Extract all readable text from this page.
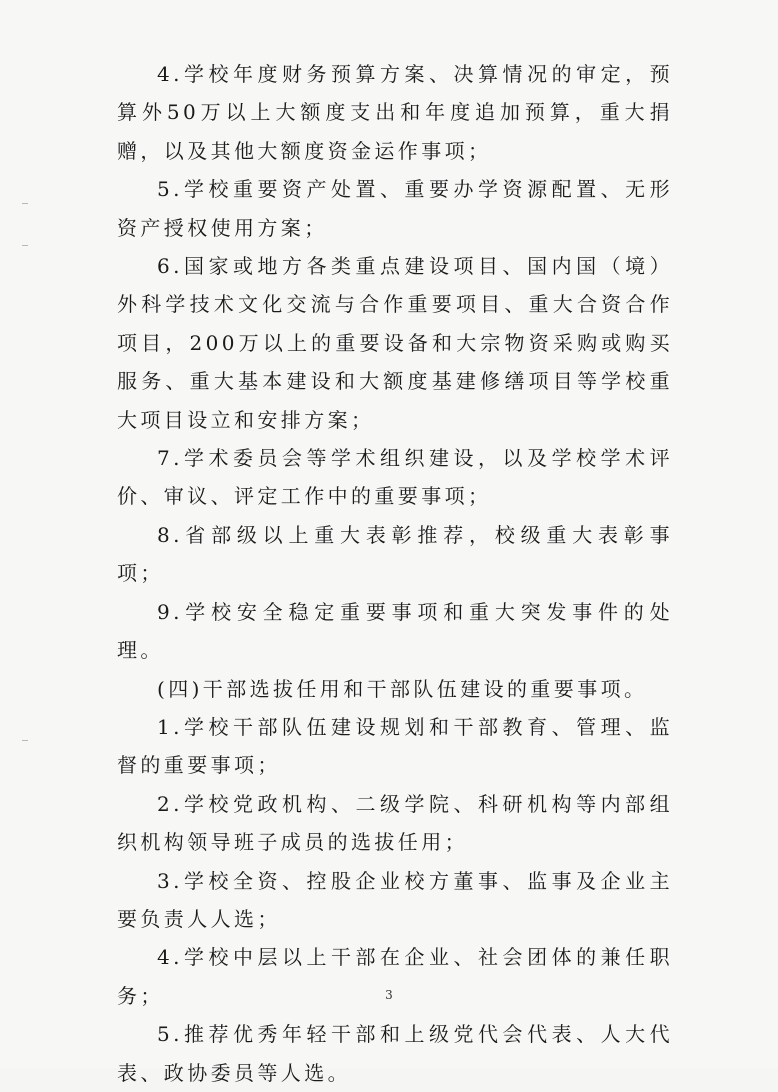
4.学校年度财务预算方案、决算情况的审定，预算外50万以上大额度支出和年度追加预算，重大捐赠，以及其他大额度资金运作事项；

5.学校重要资产处置、重要办学资源配置、无形资产授权使用方案；

6.国家或地方各类重点建设项目、国内国（境）外科学技术文化交流与合作重要项目、重大合资合作项目，200万以上的重要设备和大宗物资采购或购买服务、重大基本建设和大额度基建修缮项目等学校重大项目设立和安排方案；

7.学术委员会等学术组织建设，以及学校学术评价、审议、评定工作中的重要事项；

8.省部级以上重大表彰推荐，校级重大表彰事项；

9.学校安全稳定重要事项和重大突发事件的处理。

(四)干部选拔任用和干部队伍建设的重要事项。

1.学校干部队伍建设规划和干部教育、管理、监督的重要事项；

2.学校党政机构、二级学院、科研机构等内部组织机构领导班子成员的选拔任用；

3.学校全资、控股企业校方董事、监事及企业主要负责人人选；

4.学校中层以上干部在企业、社会团体的兼任职务；

5.推荐优秀年轻干部和上级党代会代表、人大代表、政协委员等人选。

3
